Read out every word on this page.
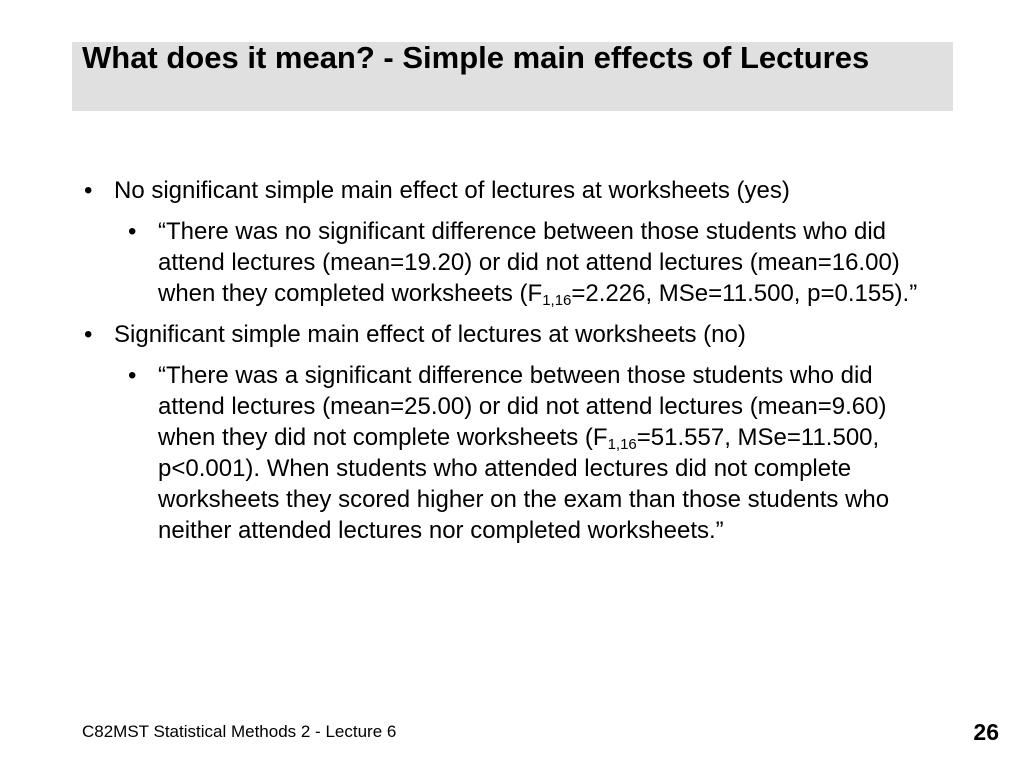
What does it mean? - Simple main effects of Lectures
• No significant simple main effect of lectures at worksheets (yes)
• “There was no significant difference between those students who did attend lectures (mean=19.20) or did not attend lectures (mean=16.00) when they completed worksheets ($F_{1,16}=2.226$, MSe=11.500, p=0.155).”
• Significant simple main effect of lectures at worksheets (no)
• “There was a significant difference between those students who did attend lectures (mean=25.00) or did not attend lectures (mean=9.60) when they did not complete worksheets ($F_{1,16}=51.557$, MSe=11.500, p<0.001). When students who attended lectures did not complete worksheets they scored higher on the exam than those students who neither attended lectures nor completed worksheets.”
C82MST Statistical Methods 2 - Lecture 6	26
